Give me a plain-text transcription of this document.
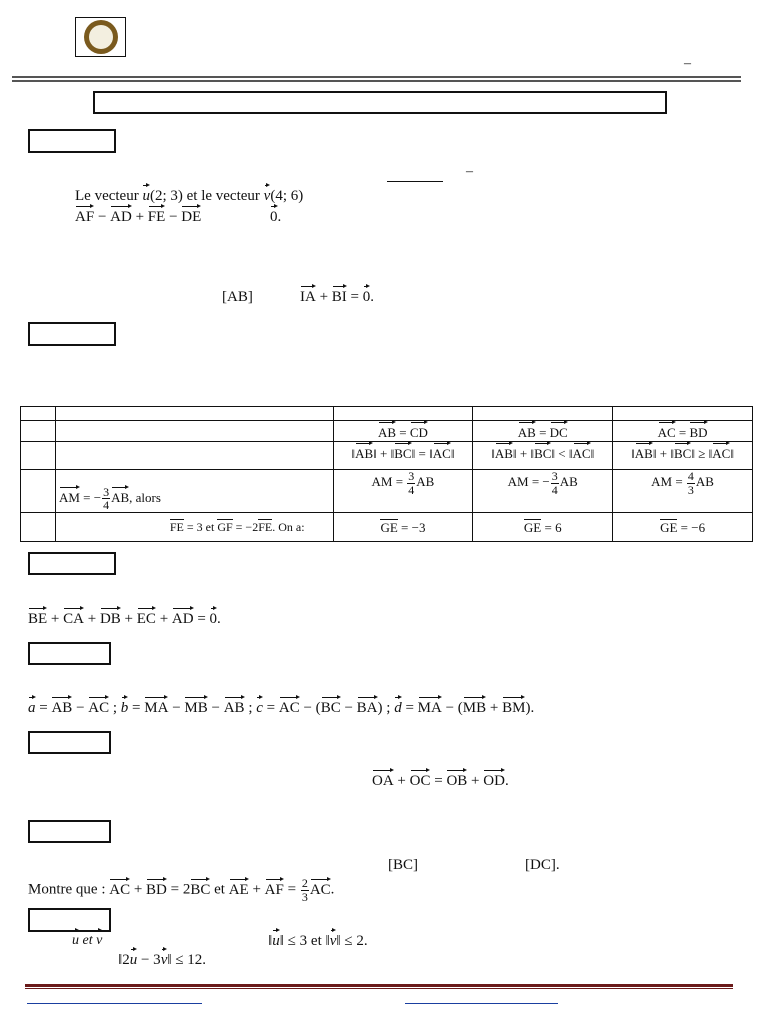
–
–
Le vecteur u(2; 3) et le vecteur v(4; 6)
AF − AD + FE − DE	0.
[AB]	IA + BI = 0.

		AB = CD	AB = DC	AC = BD
		‖AB‖ + ‖BC‖ = ‖AC‖	‖AB‖ + ‖BC‖ < ‖AC‖	‖AB‖ + ‖BC‖ ≥ ‖AC‖
	AM = − $\frac{3}{4}$ AB, alors	AM = $\frac{3}{4}$ AB	AM = − $\frac{3}{4}$ AB	AM = $\frac{4}{3}$ AB
	FE = 3 et GF = −2FE. On a:	GE = −3	GE = 6	GE = −6
BE + CA + DB + EC + AD = 0.
a = AB − AC ; b = MA − MB − AB ; c = AC − (BC − BA) ; d = MA − (MB + BM).
OA + OC = OB + OD.
[BC]	[DC].
Montre que : AC + BD = 2BC et AE + AF = $\frac{2}{3}$ AC.
u et v	‖u‖ ≤ 3 et ‖v‖ ≤ 2.
‖2u − 3v‖ ≤ 12.
